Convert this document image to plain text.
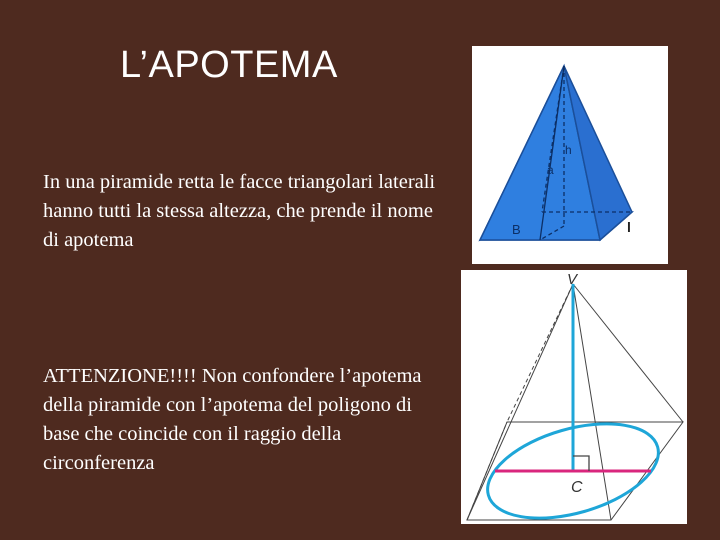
L’APOTEMA
In una piramide retta le facce triangolari laterali hanno tutti la stessa altezza, che prende il nome di apotema
ATTENZIONE!!!! Non confondere l’apotema della piramide con l’apotema del poligono di base che coincide con il raggio della circonferenza
h
a
B	l
V
C
